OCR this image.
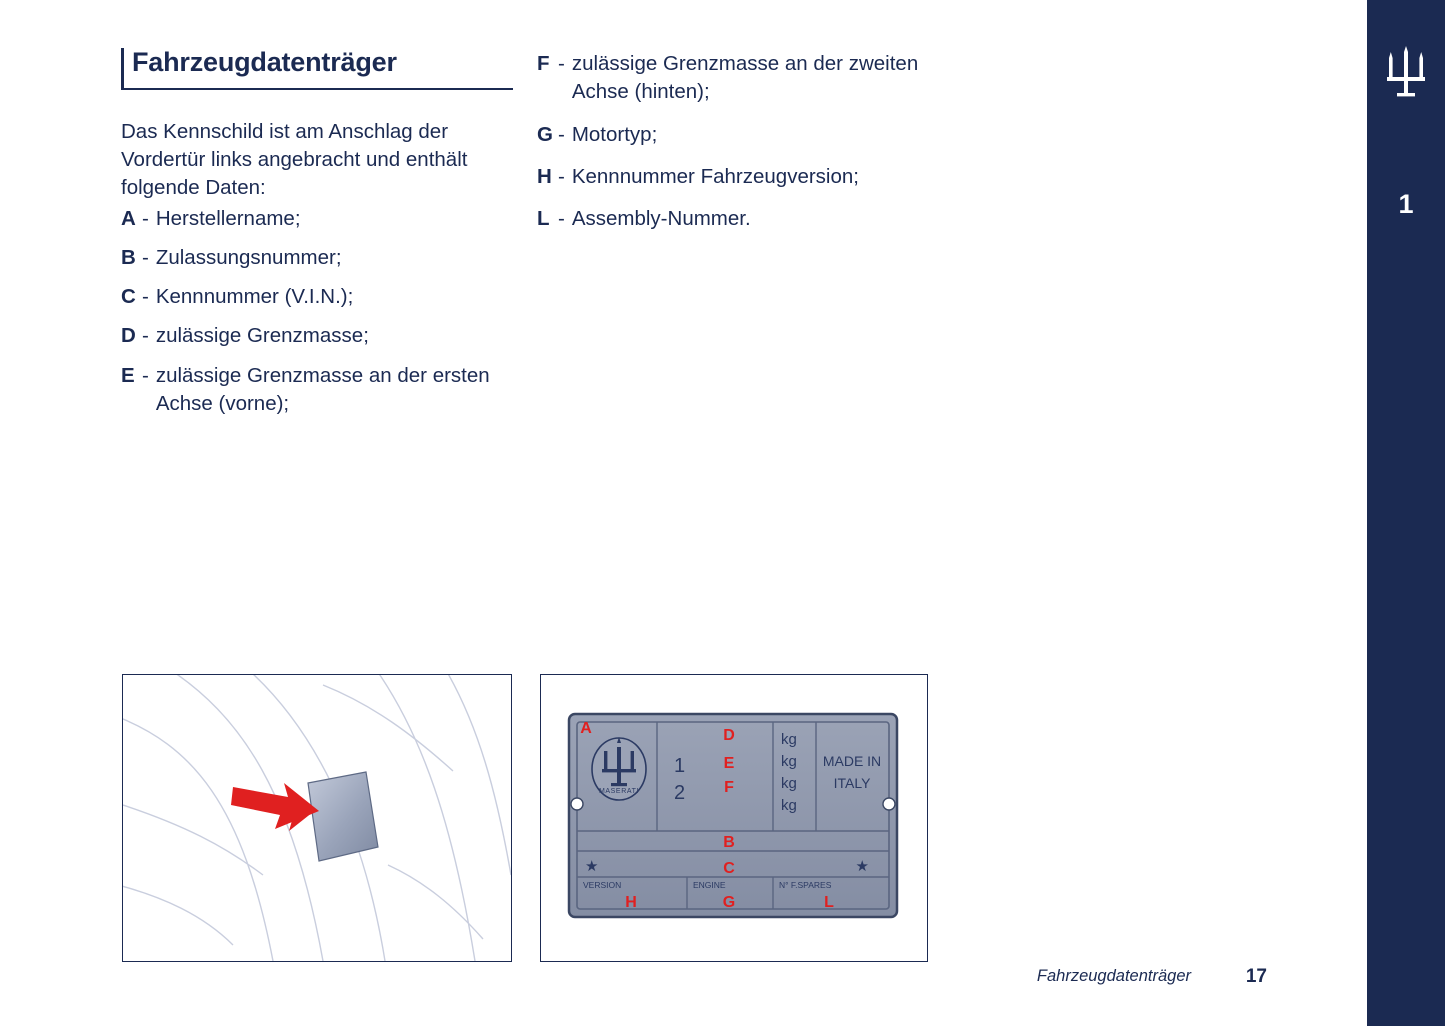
Fahrzeugdatenträger

Das Kennschild ist am Anschlag der Vordertür links angebracht und enthält folgende Daten:

A - Herstellername;
B - Zulassungsnummer;
C - Kennnummer (V.I.N.);
D - zulässige Grenzmasse;
E - zulässige Grenzmasse an der ersten Achse (vorne);
F - zulässige Grenzmasse an der zweiten Achse (hinten);
G - Motortyp;
H - Kennnummer Fahrzeugversion;
L - Assembly-Nummer.
MASERATI
1
2
kg
kg
kg
kg
MADE IN
ITALY
★	★
VERSION	ENGINE	N° F.SPARES
A	D
E
F
B
C
H	G	L
Fahrzeugdatenträger	17
1
